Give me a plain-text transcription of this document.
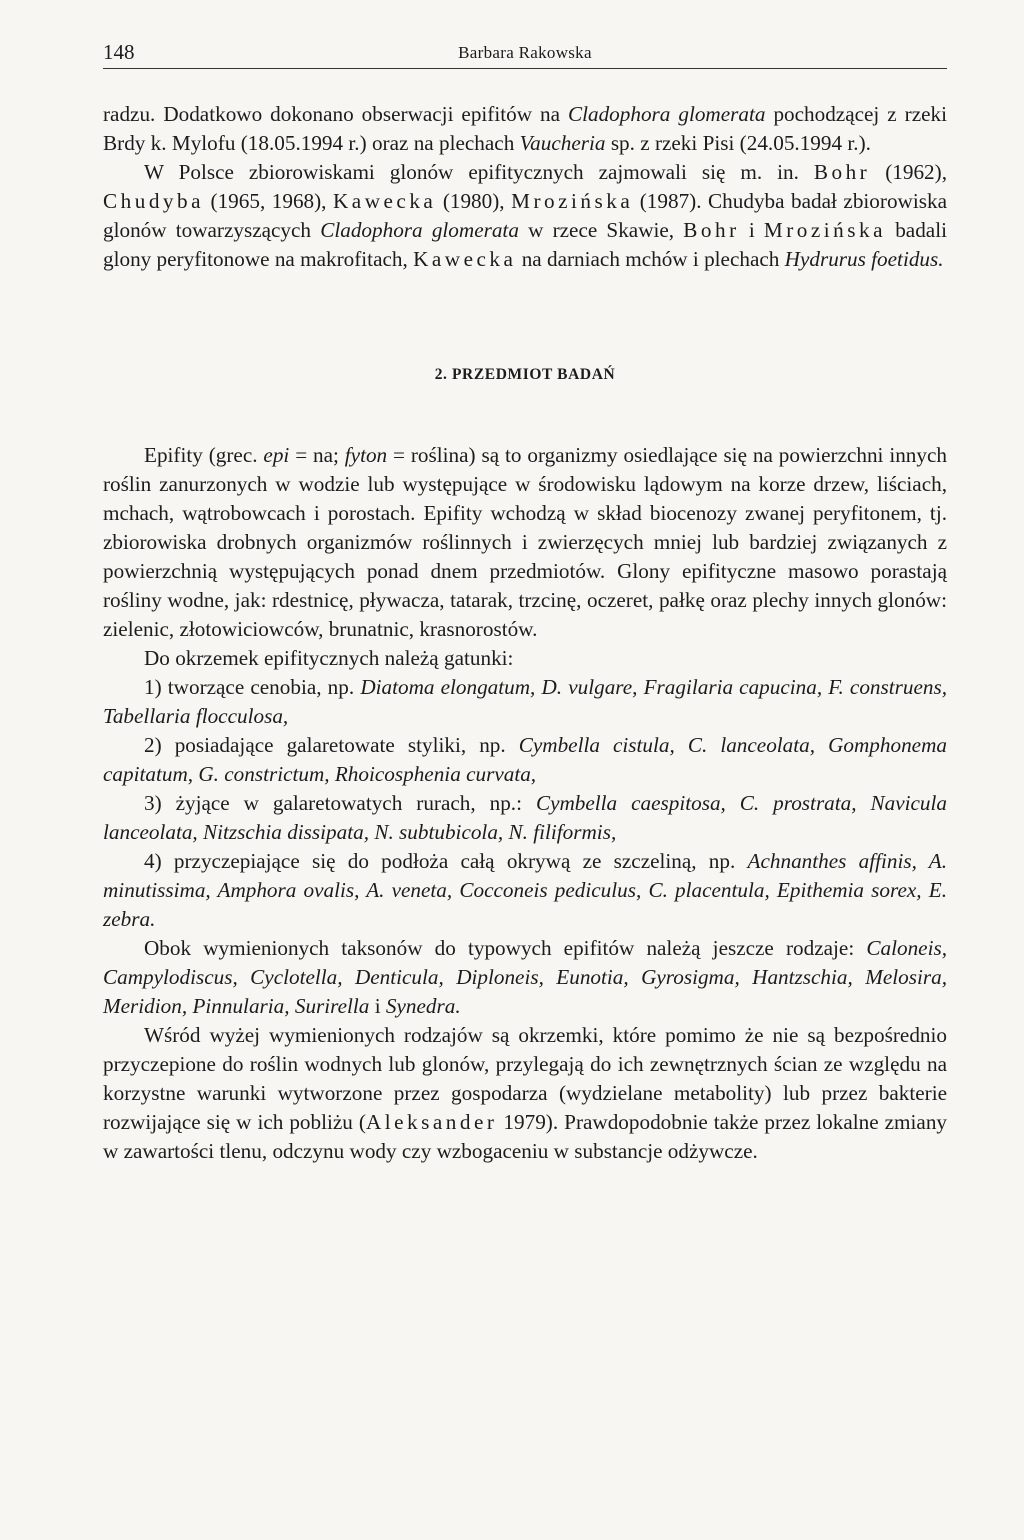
148	Barbara Rakowska

radzu. Dodatkowo dokonano obserwacji epifitów na Cladophora glomerata pochodzącej z rzeki Brdy k. Mylofu (18.05.1994 r.) oraz na plechach Vaucheria sp. z rzeki Pisi (24.05.1994 r.).

W Polsce zbiorowiskami glonów epifitycznych zajmowali się m. in. Bohr (1962), Chudyba (1965, 1968), Kawecka (1980), Mrozińska (1987). Chudyba badał zbiorowiska glonów towarzyszących Cladophora glomerata w rzece Skawie, Bohr i Mrozińska badali glony peryfitonowe na makrofitach, Kawecka na darniach mchów i plechach Hydrurus foetidus.

2. PRZEDMIOT BADAŃ

Epifity (grec. epi = na; fyton = roślina) są to organizmy osiedlające się na powierzchni innych roślin zanurzonych w wodzie lub występujące w środowisku lądowym na korze drzew, liściach, mchach, wątrobowcach i porostach. Epifity wchodzą w skład biocenozy zwanej peryfitonem, tj. zbiorowiska drobnych organizmów roślinnych i zwierzęcych mniej lub bardziej związanych z powierzchnią występujących ponad dnem przedmiotów. Glony epifityczne masowo porastają rośliny wodne, jak: rdestnicę, pływacza, tatarak, trzcinę, oczeret, pałkę oraz plechy innych glonów: zielenic, złotowiciowców, brunatnic, krasnorostów.

Do okrzemek epifitycznych należą gatunki:

1) tworzące cenobia, np. Diatoma elongatum, D. vulgare, Fragilaria capucina, F. construens, Tabellaria flocculosa,

2) posiadające galaretowate styliki, np. Cymbella cistula, C. lanceolata, Gomphonema capitatum, G. constrictum, Rhoicosphenia curvata,

3) żyjące w galaretowatych rurach, np.: Cymbella caespitosa, C. prostrata, Navicula lanceolata, Nitzschia dissipata, N. subtubicola, N. filiformis,

4) przyczepiające się do podłoża całą okrywą ze szczeliną, np. Achnanthes affinis, A. minutissima, Amphora ovalis, A. veneta, Cocconeis pediculus, C. placentula, Epithemia sorex, E. zebra.

Obok wymienionych taksonów do typowych epifitów należą jeszcze rodzaje: Caloneis, Campylodiscus, Cyclotella, Denticula, Diploneis, Eunotia, Gyrosigma, Hantzschia, Melosira, Meridion, Pinnularia, Surirella i Synedra.

Wśród wyżej wymienionych rodzajów są okrzemki, które pomimo że nie są bezpośrednio przyczepione do roślin wodnych lub glonów, przylegają do ich zewnętrznych ścian ze względu na korzystne warunki wytworzone przez gospodarza (wydzielane metabolity) lub przez bakterie rozwijające się w ich pobliżu (Aleksander 1979). Prawdopodobnie także przez lokalne zmiany w zawartości tlenu, odczynu wody czy wzbogaceniu w substancje odżywcze.
